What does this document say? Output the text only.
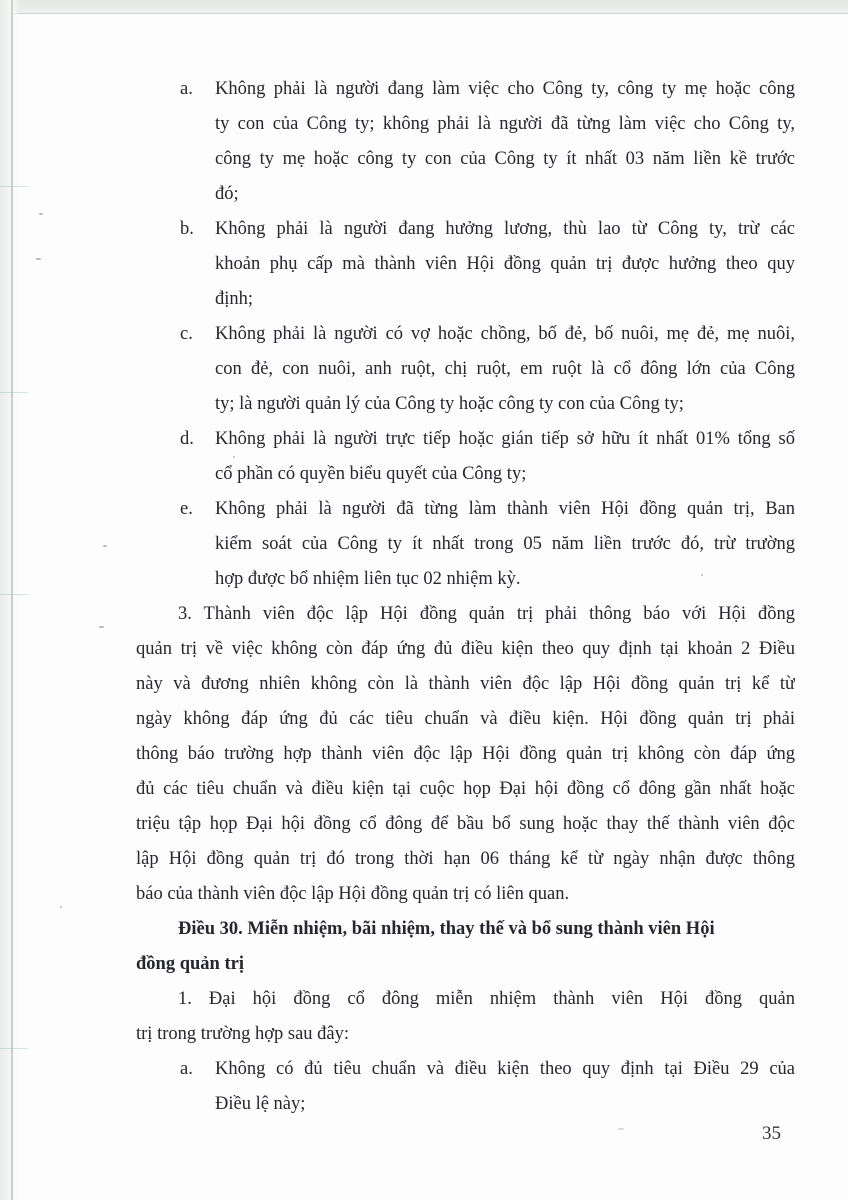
a. Không phải là người đang làm việc cho Công ty, công ty mẹ hoặc công
ty con của Công ty; không phải là người đã từng làm việc cho Công ty,
công ty mẹ hoặc công ty con của Công ty ít nhất 03 năm liền kề trước
đó;
b. Không phải là người đang hưởng lương, thù lao từ Công ty, trừ các
khoản phụ cấp mà thành viên Hội đồng quản trị được hưởng theo quy
định;
c. Không phải là người có vợ hoặc chồng, bố đẻ, bố nuôi, mẹ đẻ, mẹ nuôi,
con đẻ, con nuôi, anh ruột, chị ruột, em ruột là cổ đông lớn của Công
ty; là người quản lý của Công ty hoặc công ty con của Công ty;
d. Không phải là người trực tiếp hoặc gián tiếp sở hữu ít nhất 01% tổng số
cổ phần có quyền biểu quyết của Công ty;
e. Không phải là người đã từng làm thành viên Hội đồng quản trị, Ban
kiểm soát của Công ty ít nhất trong 05 năm liền trước đó, trừ trường
hợp được bổ nhiệm liên tục 02 nhiệm kỳ.
3. Thành viên độc lập Hội đồng quản trị phải thông báo với Hội đồng
quản trị về việc không còn đáp ứng đủ điều kiện theo quy định tại khoản 2 Điều
này và đương nhiên không còn là thành viên độc lập Hội đồng quản trị kể từ
ngày không đáp ứng đủ các tiêu chuẩn và điều kiện. Hội đồng quản trị phải
thông báo trường hợp thành viên độc lập Hội đồng quản trị không còn đáp ứng
đủ các tiêu chuẩn và điều kiện tại cuộc họp Đại hội đồng cổ đông gần nhất hoặc
triệu tập họp Đại hội đồng cổ đông để bầu bổ sung hoặc thay thế thành viên độc
lập Hội đồng quản trị đó trong thời hạn 06 tháng kể từ ngày nhận được thông
báo của thành viên độc lập Hội đồng quản trị có liên quan.
Điều 30. Miễn nhiệm, bãi nhiệm, thay thế và bổ sung thành viên Hội
đồng quản trị
1. Đại hội đồng cổ đông miễn nhiệm thành viên Hội đồng quản
trị trong trường hợp sau đây:
a. Không có đủ tiêu chuẩn và điều kiện theo quy định tại Điều 29 của
Điều lệ này;
35
